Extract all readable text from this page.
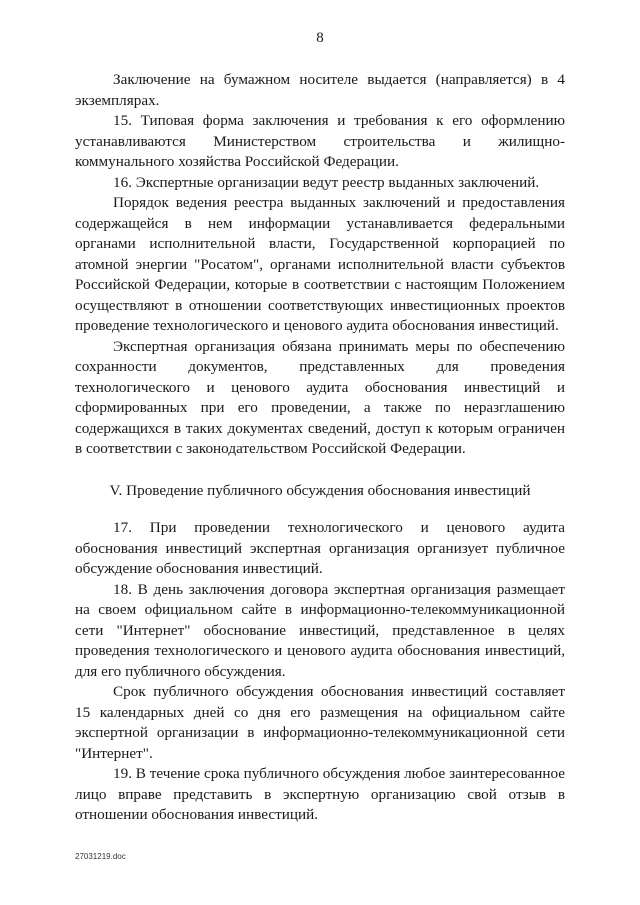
8

Заключение на бумажном носителе выдается (направляется) в 4 экземплярах.

15. Типовая форма заключения и требования к его оформлению устанавливаются Министерством строительства и жилищно-коммунального хозяйства Российской Федерации.

16. Экспертные организации ведут реестр выданных заключений.

Порядок ведения реестра выданных заключений и предоставления содержащейся в нем информации устанавливается федеральными органами исполнительной власти, Государственной корпорацией по атомной энергии "Росатом", органами исполнительной власти субъектов Российской Федерации, которые в соответствии с настоящим Положением осуществляют в отношении соответствующих инвестиционных проектов проведение технологического и ценового аудита обоснования инвестиций.

Экспертная организация обязана принимать меры по обеспечению сохранности документов, представленных для проведения технологического и ценового аудита обоснования инвестиций и сформированных при его проведении, а также по неразглашению содержащихся в таких документах сведений, доступ к которым ограничен в соответствии с законодательством Российской Федерации.

V. Проведение публичного обсуждения обоснования инвестиций

17. При проведении технологического и ценового аудита обоснования инвестиций экспертная организация организует публичное обсуждение обоснования инвестиций.

18. В день заключения договора экспертная организация размещает на своем официальном сайте в информационно-телекоммуникационной сети "Интернет" обоснование инвестиций, представленное в целях проведения технологического и ценового аудита обоснования инвестиций, для его публичного обсуждения.

Срок публичного обсуждения обоснования инвестиций составляет 15 календарных дней со дня его размещения на официальном сайте экспертной организации в информационно-телекоммуникационной сети "Интернет".

19. В течение срока публичного обсуждения любое заинтересованное лицо вправе представить в экспертную организацию свой отзыв в отношении обоснования инвестиций.

27031219.doc
